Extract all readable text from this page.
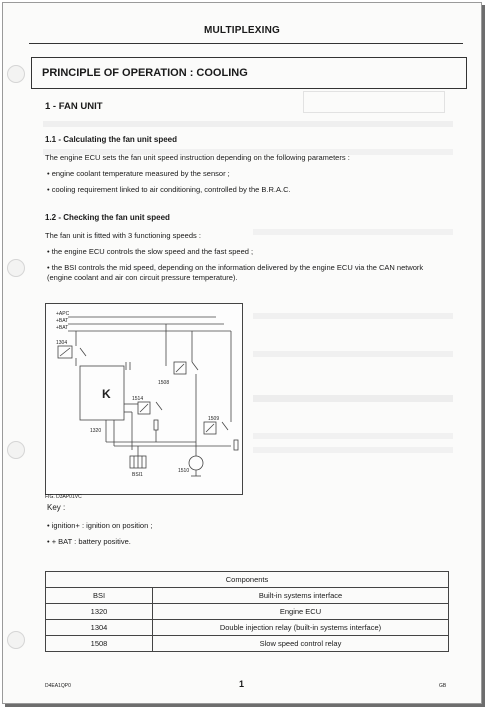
MULTIPLEXING
PRINCIPLE OF OPERATION : COOLING
1 - FAN UNIT
1.1 - Calculating the fan unit speed
The engine ECU sets the fan unit speed instruction depending on the following parameters :
• engine coolant temperature measured by the sensor ;
• cooling requirement linked to air conditioning, controlled by the B.R.A.C.
1.2 - Checking the fan unit speed
The fan unit is fitted with 3 functioning speeds :
• the engine ECU controls the slow speed and the fast speed ;
• the BSI controls the mid speed, depending on the information delivered by the engine ECU via the CAN network (engine coolant and air con circuit pressure temperature).
+APC
+BAT
+BAT
1304
K
1320
1508
1514
1509
1510
BSI1
FIG. D3AP01VC
Key :
• ignition+ : ignition on position ;
• + BAT : battery positive.
Components	
BSI	Built-in systems interface
1320	Engine ECU
1304	Double injection relay (built-in systems interface)
1508	Slow speed control relay
D4EA1QP0	1	GB
